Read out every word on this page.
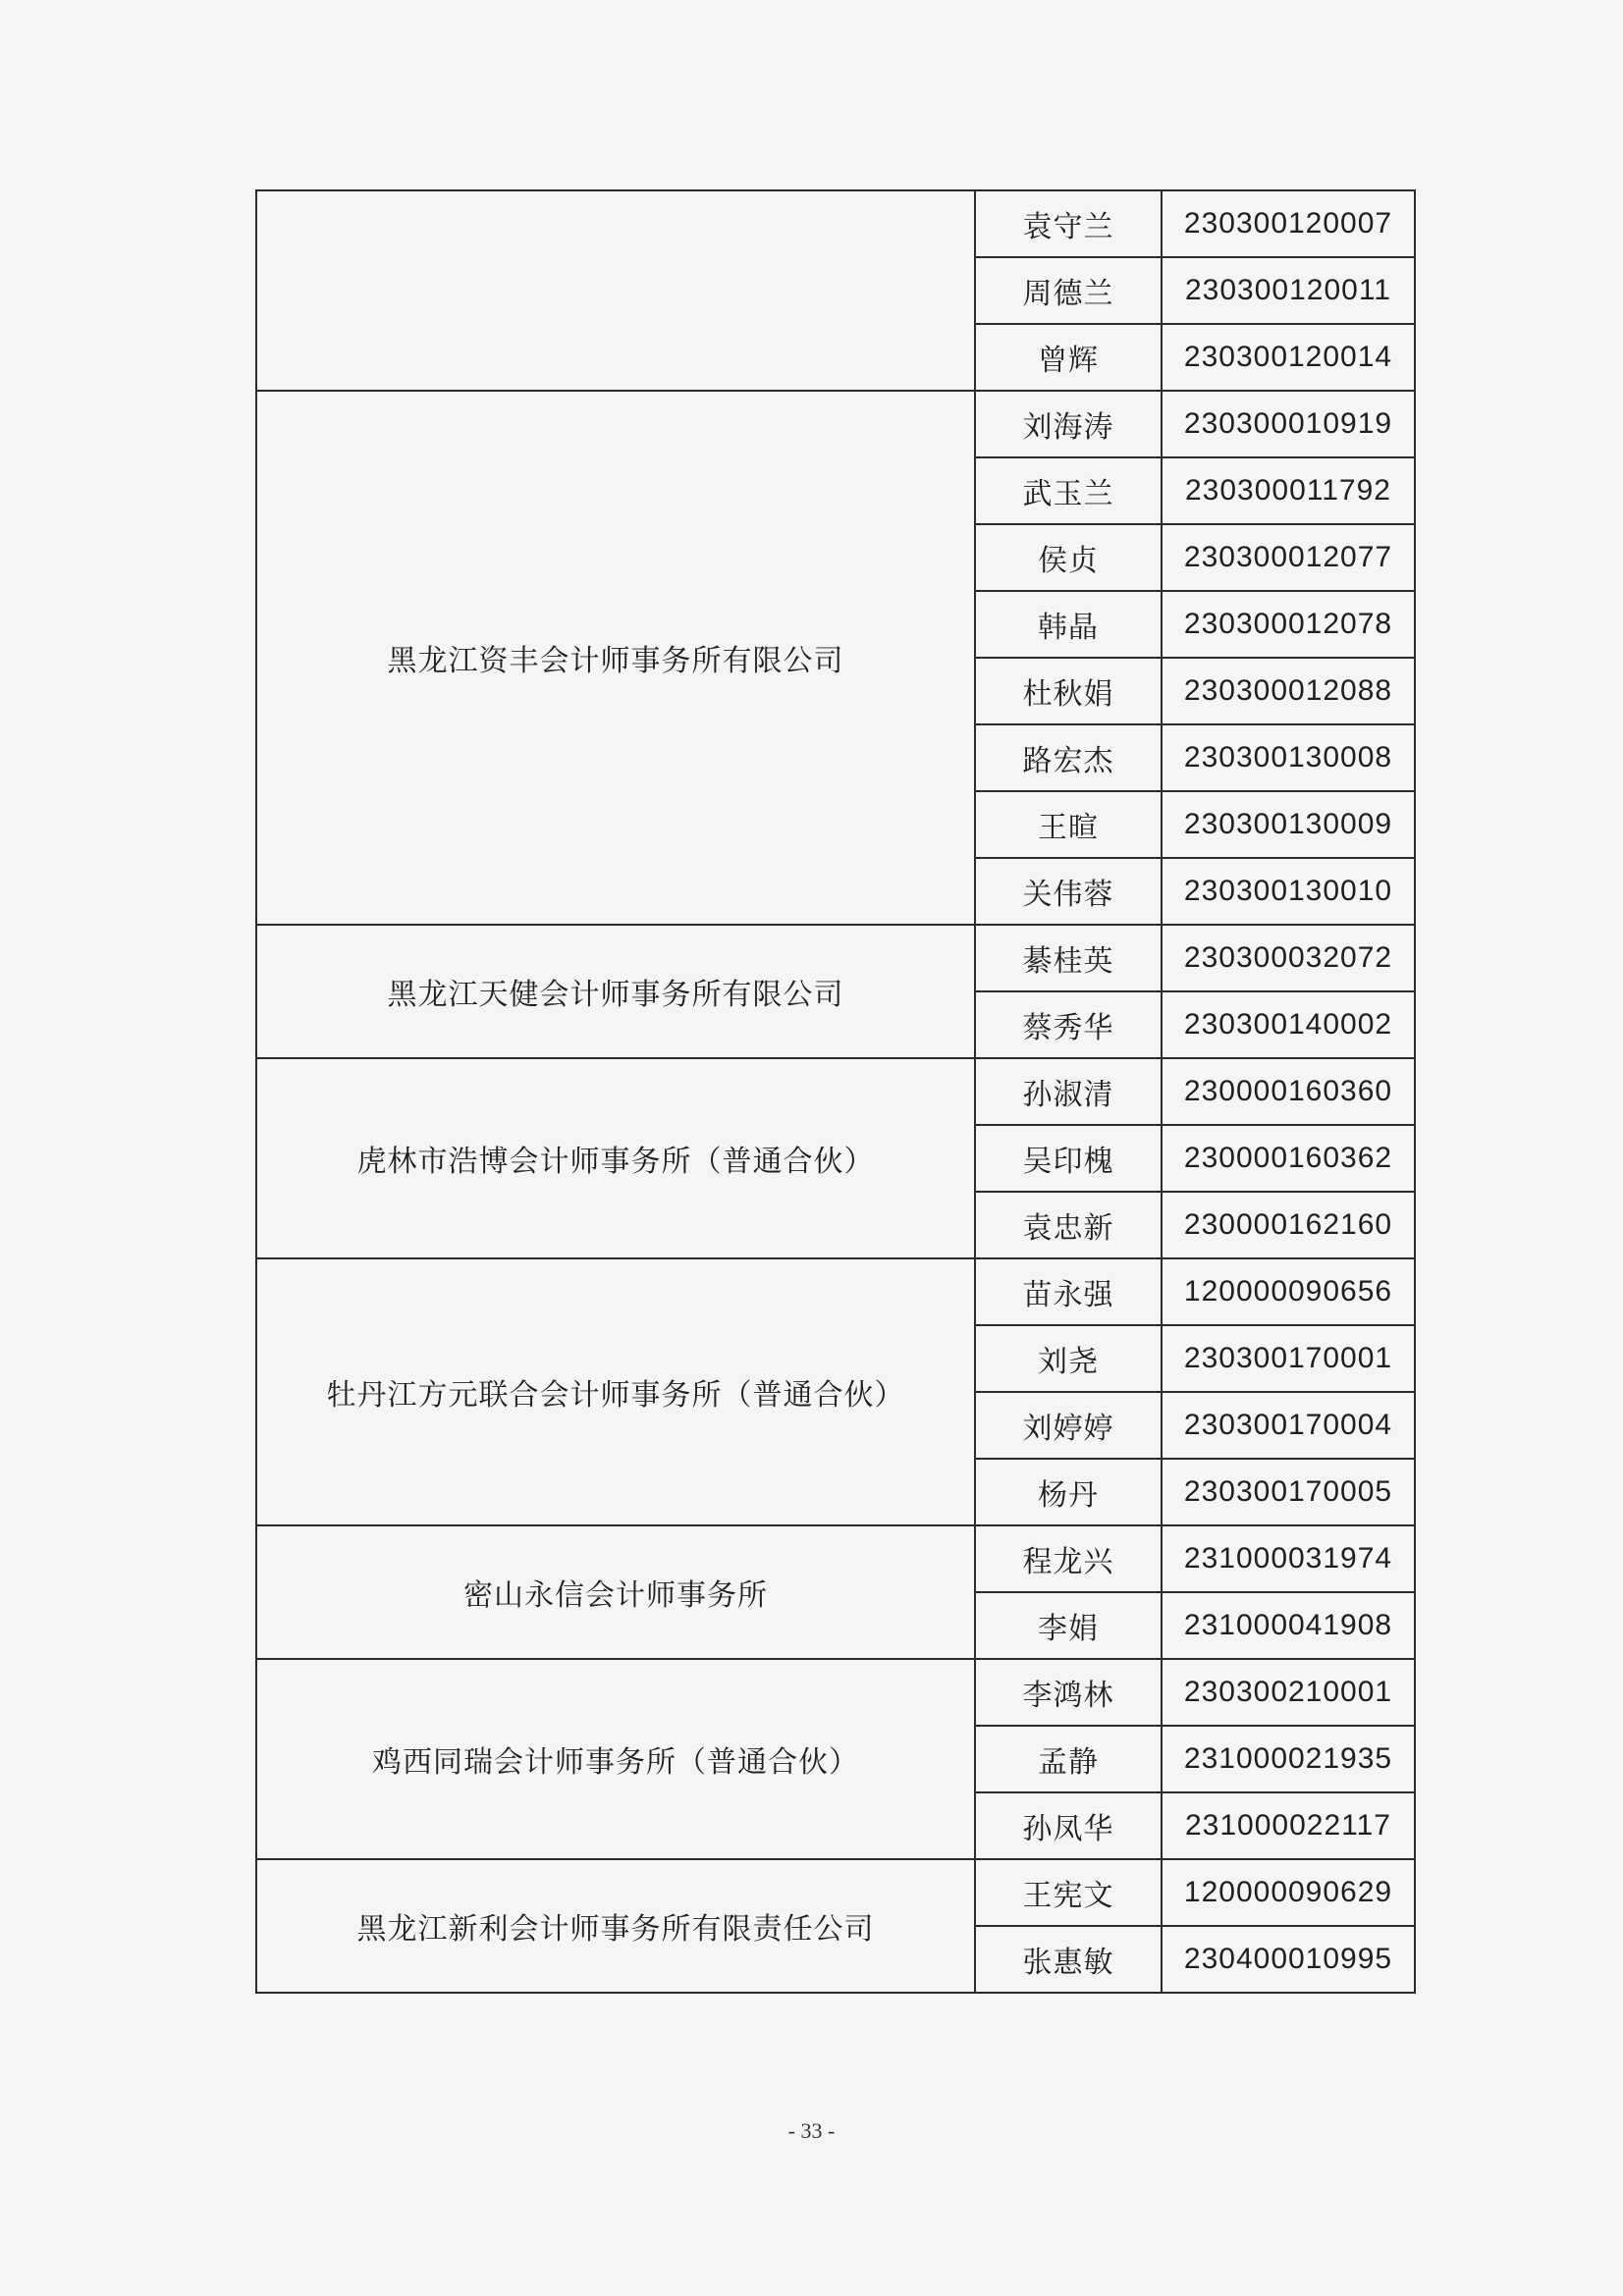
	袁守兰	230300120007
	周德兰	230300120011
	曾辉	230300120014
黑龙江资丰会计师事务所有限公司	刘海涛	230300010919
	武玉兰	230300011792
	侯贞	230300012077
	韩晶	230300012078
	杜秋娟	230300012088
	路宏杰	230300130008
	王暄	230300130009
	关伟蓉	230300130010
黑龙江天健会计师事务所有限公司	綦桂英	230300032072
	蔡秀华	230300140002
虎林市浩博会计师事务所（普通合伙）	孙淑清	230000160360
	吴印槐	230000160362
	袁忠新	230000162160
牡丹江方元联合会计师事务所（普通合伙）	苗永强	120000090656
	刘尧	230300170001
	刘婷婷	230300170004
	杨丹	230300170005
密山永信会计师事务所	程龙兴	231000031974
	李娟	231000041908
鸡西同瑞会计师事务所（普通合伙）	李鸿林	230300210001
	孟静	231000021935
	孙凤华	231000022117
黑龙江新利会计师事务所有限责任公司	王宪文	120000090629
	张惠敏	230400010995
- 33 -
